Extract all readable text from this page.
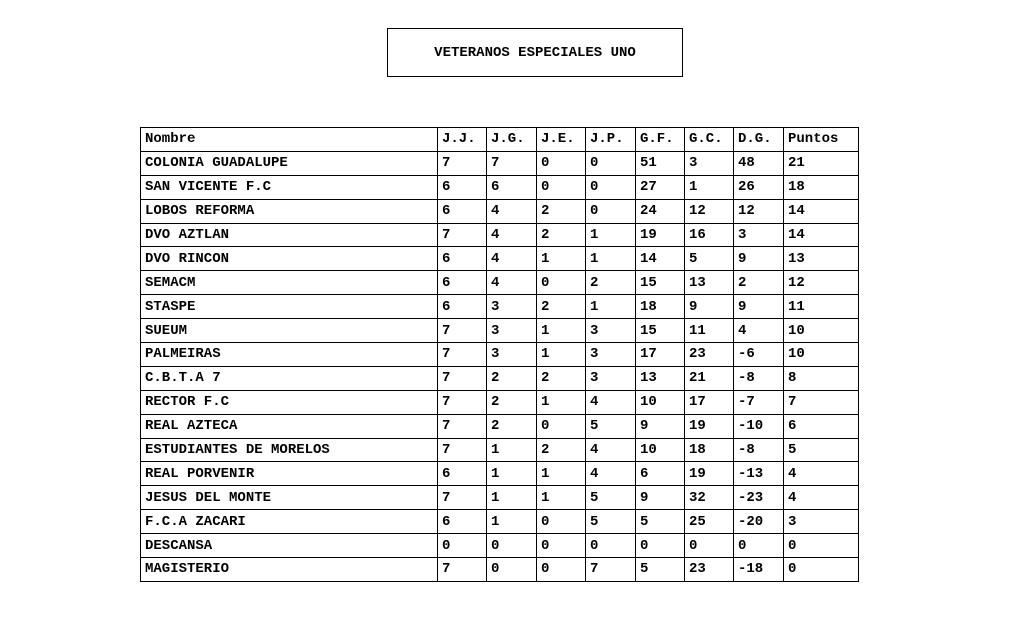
VETERANOS ESPECIALES UNO
Nombre	J.J.	J.G.	J.E.	J.P.	G.F.	G.C.	D.G.	Puntos
COLONIA GUADALUPE	7	7	0	0	51	3	48	21
SAN VICENTE F.C	6	6	0	0	27	1	26	18
LOBOS REFORMA	6	4	2	0	24	12	12	14
DVO AZTLAN	7	4	2	1	19	16	3	14
DVO RINCON	6	4	1	1	14	5	9	13
SEMACM	6	4	0	2	15	13	2	12
STASPE	6	3	2	1	18	9	9	11
SUEUM	7	3	1	3	15	11	4	10
PALMEIRAS	7	3	1	3	17	23	-6	10
C.B.T.A 7	7	2	2	3	13	21	-8	8
RECTOR F.C	7	2	1	4	10	17	-7	7
REAL AZTECA	7	2	0	5	9	19	-10	6
ESTUDIANTES DE MORELOS	7	1	2	4	10	18	-8	5
REAL PORVENIR	6	1	1	4	6	19	-13	4
JESUS DEL MONTE	7	1	1	5	9	32	-23	4
F.C.A ZACARI	6	1	0	5	5	25	-20	3
DESCANSA	0	0	0	0	0	0	0	0
MAGISTERIO	7	0	0	7	5	23	-18	0
